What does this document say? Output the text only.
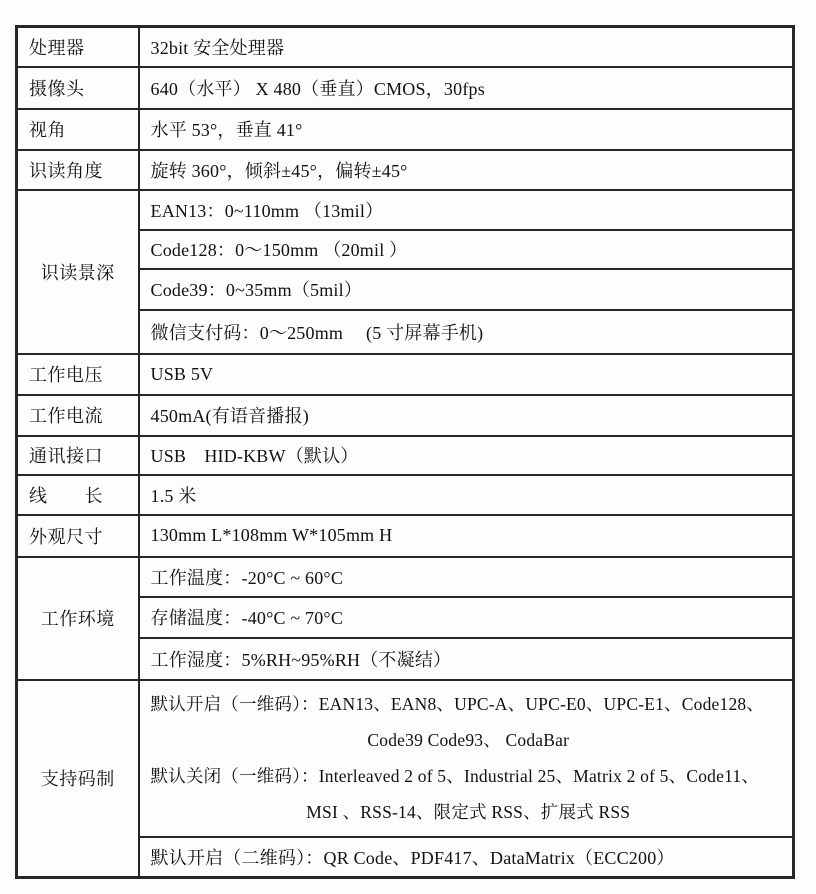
处理器	32bit 安全处理器
摄像头	640（水平） X 480（垂直）CMOS，30fps
视角	水平 53°，垂直 41°
识读角度	旋转 360°，倾斜±45°，偏转±45°
识读景深	EAN13：0~110mm （13mil）
	Code128：0～150mm （20mil ）
	Code39：0~35mm（5mil）
	微信支付码：0～250mm　 (5 寸屏幕手机)
工作电压	USB 5V
工作电流	450mA(有语音播报)
通讯接口	USB　HID-KBW（默认）
线　　长	1.5 米
外观尺寸	130mm L*108mm W*105mm H
工作环境	工作温度：-20°C ~ 60°C
	存储温度：-40°C ~ 70°C
	工作湿度：5%RH~95%RH（不凝结）
支持码制	默认开启（一维码）：EAN13、EAN8、UPC-A、UPC-E0、UPC-E1、Code128、
Code39 Code93、 CodaBar
默认关闭（一维码）：Interleaved 2 of 5、Industrial 25、Matrix 2 of 5、Code11、
MSI 、RSS-14、限定式 RSS、扩展式 RSS

	默认开启（二维码）：QR Code、PDF417、DataMatrix（ECC200）
